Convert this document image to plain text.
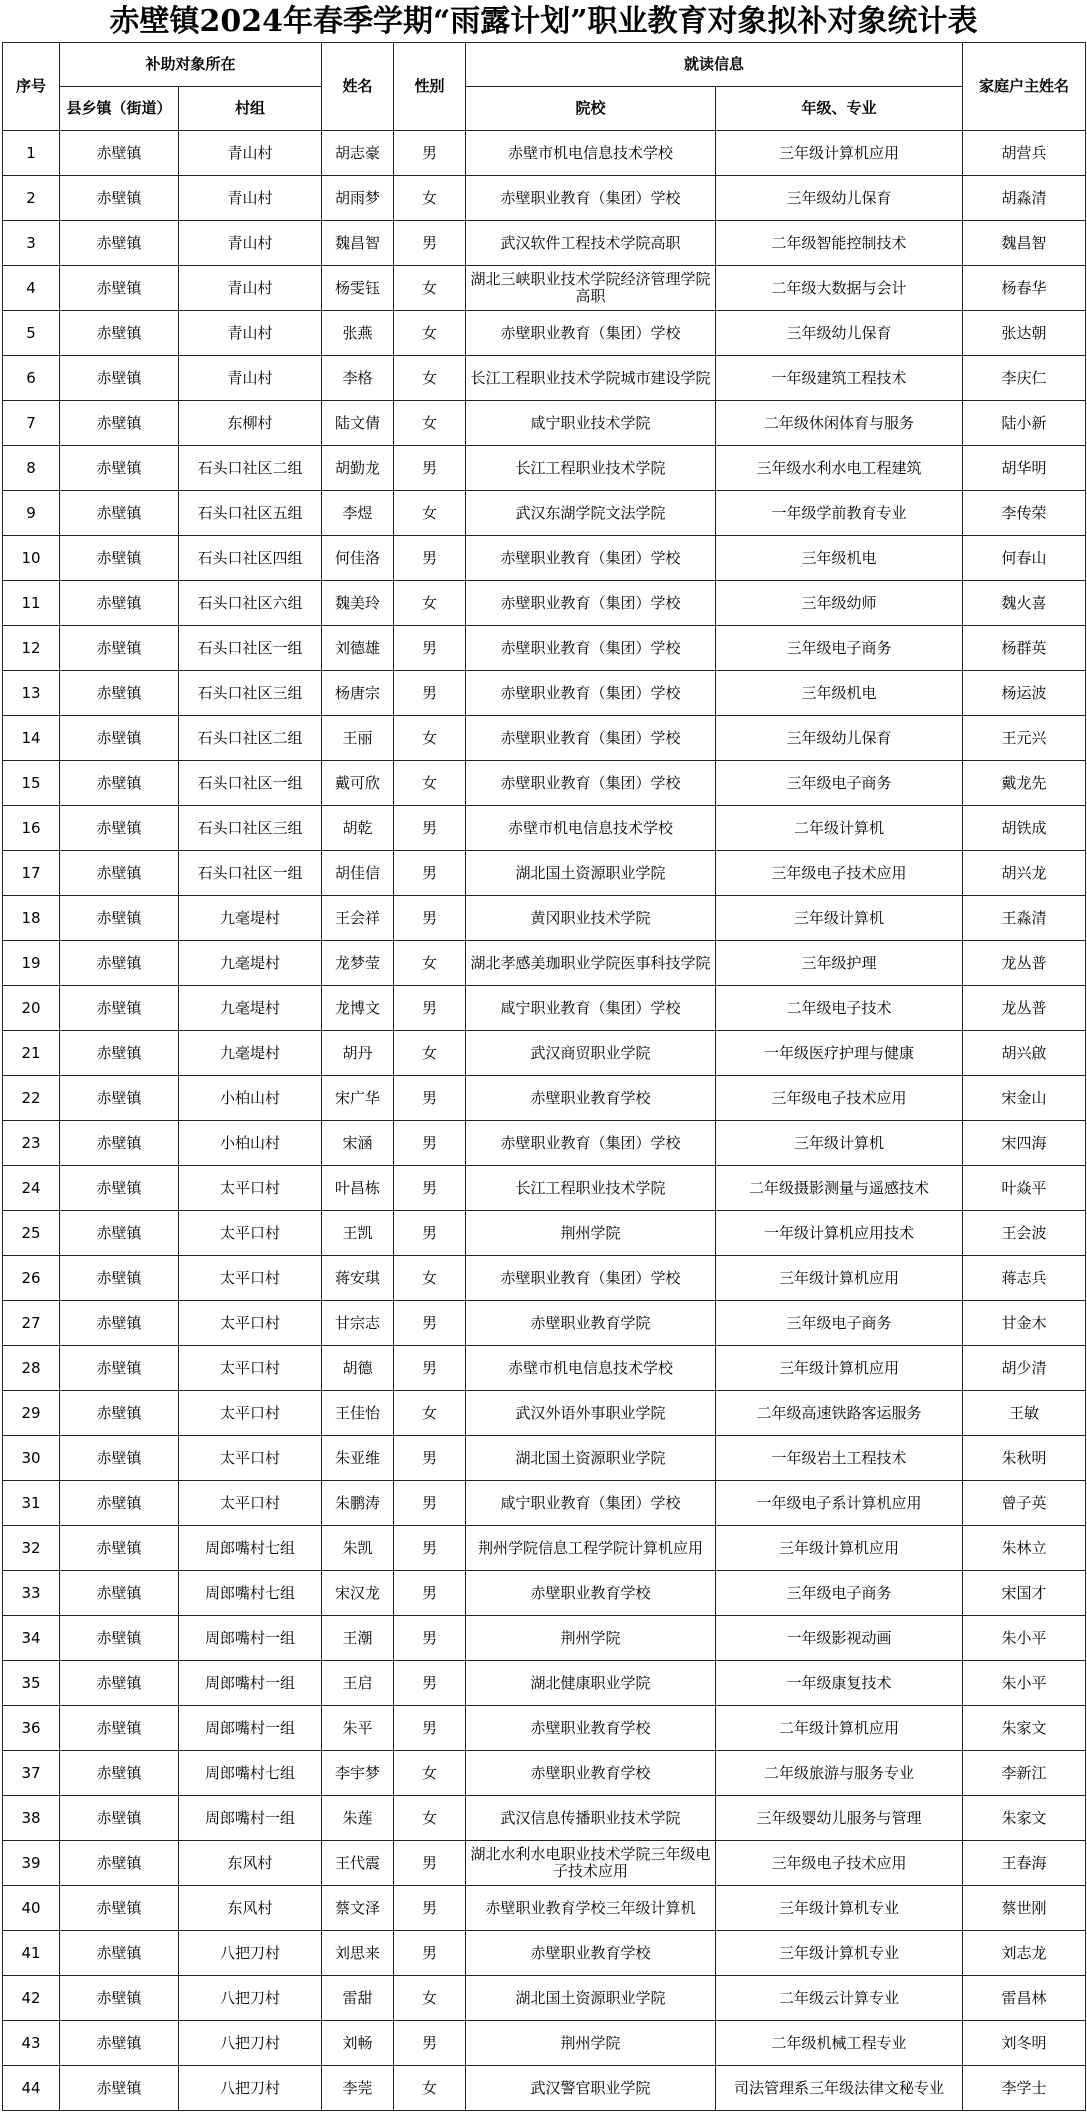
赤壁镇2024年春季学期“雨露计划”职业教育对象拟补对象统计表
序号	补助对象所在		姓名	性别	就读信息		家庭户主姓名
	县乡镇（街道）	村组			院校	年级、专业	
1	赤壁镇	青山村	胡志豪	男	赤壁市机电信息技术学校	三年级计算机应用	胡营兵
2	赤壁镇	青山村	胡雨梦	女	赤壁职业教育（集团）学校	三年级幼儿保育	胡淼清
3	赤壁镇	青山村	魏昌智	男	武汉软件工程技术学院高职	二年级智能控制技术	魏昌智
4	赤壁镇	青山村	杨雯钰	女	湖北三峡职业技术学院经济管理学院高职	二年级大数据与会计	杨春华
5	赤壁镇	青山村	张燕	女	赤壁职业教育（集团）学校	三年级幼儿保育	张达朝
6	赤壁镇	青山村	李格	女	长江工程职业技术学院城市建设学院	一年级建筑工程技术	李庆仁
7	赤壁镇	东柳村	陆文倩	女	咸宁职业技术学院	二年级休闲体育与服务	陆小新
8	赤壁镇	石头口社区二组	胡勤龙	男	长江工程职业技术学院	三年级水利水电工程建筑	胡华明
9	赤壁镇	石头口社区五组	李煜	女	武汉东湖学院文法学院	一年级学前教育专业	李传荣
10	赤壁镇	石头口社区四组	何佳洛	男	赤壁职业教育（集团）学校	三年级机电	何春山
11	赤壁镇	石头口社区六组	魏美玲	女	赤壁职业教育（集团）学校	三年级幼师	魏火喜
12	赤壁镇	石头口社区一组	刘德雄	男	赤壁职业教育（集团）学校	三年级电子商务	杨群英
13	赤壁镇	石头口社区三组	杨唐宗	男	赤壁职业教育（集团）学校	三年级机电	杨运波
14	赤壁镇	石头口社区二组	王丽	女	赤壁职业教育（集团）学校	三年级幼儿保育	王元兴
15	赤壁镇	石头口社区一组	戴可欣	女	赤壁职业教育（集团）学校	三年级电子商务	戴龙先
16	赤壁镇	石头口社区三组	胡乾	男	赤壁市机电信息技术学校	二年级计算机	胡铁成
17	赤壁镇	石头口社区一组	胡佳信	男	湖北国土资源职业学院	三年级电子技术应用	胡兴龙
18	赤壁镇	九毫堤村	王会祥	男	黄冈职业技术学院	三年级计算机	王淼清
19	赤壁镇	九毫堤村	龙梦莹	女	湖北孝感美珈职业学院医事科技学院	三年级护理	龙丛普
20	赤壁镇	九毫堤村	龙博文	男	咸宁职业教育（集团）学校	二年级电子技术	龙丛普
21	赤壁镇	九毫堤村	胡丹	女	武汉商贸职业学院	一年级医疗护理与健康	胡兴啟
22	赤壁镇	小柏山村	宋广华	男	赤壁职业教育学校	三年级电子技术应用	宋金山
23	赤壁镇	小柏山村	宋涵	男	赤壁职业教育（集团）学校	三年级计算机	宋四海
24	赤壁镇	太平口村	叶昌栋	男	长江工程职业技术学院	二年级摄影测量与遥感技术	叶焱平
25	赤壁镇	太平口村	王凯	男	荆州学院	一年级计算机应用技术	王会波
26	赤壁镇	太平口村	蒋安琪	女	赤壁职业教育（集团）学校	三年级计算机应用	蒋志兵
27	赤壁镇	太平口村	甘宗志	男	赤壁职业教育学院	三年级电子商务	甘金木
28	赤壁镇	太平口村	胡德	男	赤壁市机电信息技术学校	三年级计算机应用	胡少清
29	赤壁镇	太平口村	王佳怡	女	武汉外语外事职业学院	二年级高速铁路客运服务	王敏
30	赤壁镇	太平口村	朱亚维	男	湖北国土资源职业学院	一年级岩土工程技术	朱秋明
31	赤壁镇	太平口村	朱鹏涛	男	咸宁职业教育（集团）学校	一年级电子系计算机应用	曾子英
32	赤壁镇	周郎嘴村七组	朱凯	男	荆州学院信息工程学院计算机应用	三年级计算机应用	朱林立
33	赤壁镇	周郎嘴村七组	宋汉龙	男	赤壁职业教育学校	三年级电子商务	宋国才
34	赤壁镇	周郎嘴村一组	王潮	男	荆州学院	一年级影视动画	朱小平
35	赤壁镇	周郎嘴村一组	王启	男	湖北健康职业学院	一年级康复技术	朱小平
36	赤壁镇	周郎嘴村一组	朱平	男	赤壁职业教育学校	二年级计算机应用	朱家文
37	赤壁镇	周郎嘴村七组	李宇梦	女	赤壁职业教育学校	二年级旅游与服务专业	李新江
38	赤壁镇	周郎嘴村一组	朱莲	女	武汉信息传播职业技术学院	三年级婴幼儿服务与管理	朱家文
39	赤壁镇	东风村	王代震	男	湖北水利水电职业技术学院三年级电子技术应用	三年级电子技术应用	王春海
40	赤壁镇	东风村	蔡文泽	男	赤壁职业教育学校三年级计算机	三年级计算机专业	蔡世刚
41	赤壁镇	八把刀村	刘思来	男	赤壁职业教育学校	三年级计算机专业	刘志龙
42	赤壁镇	八把刀村	雷甜	女	湖北国土资源职业学院	二年级云计算专业	雷昌林
43	赤壁镇	八把刀村	刘畅	男	荆州学院	二年级机械工程专业	刘冬明
44	赤壁镇	八把刀村	李莞	女	武汉警官职业学院	司法管理系三年级法律文秘专业	李学士
